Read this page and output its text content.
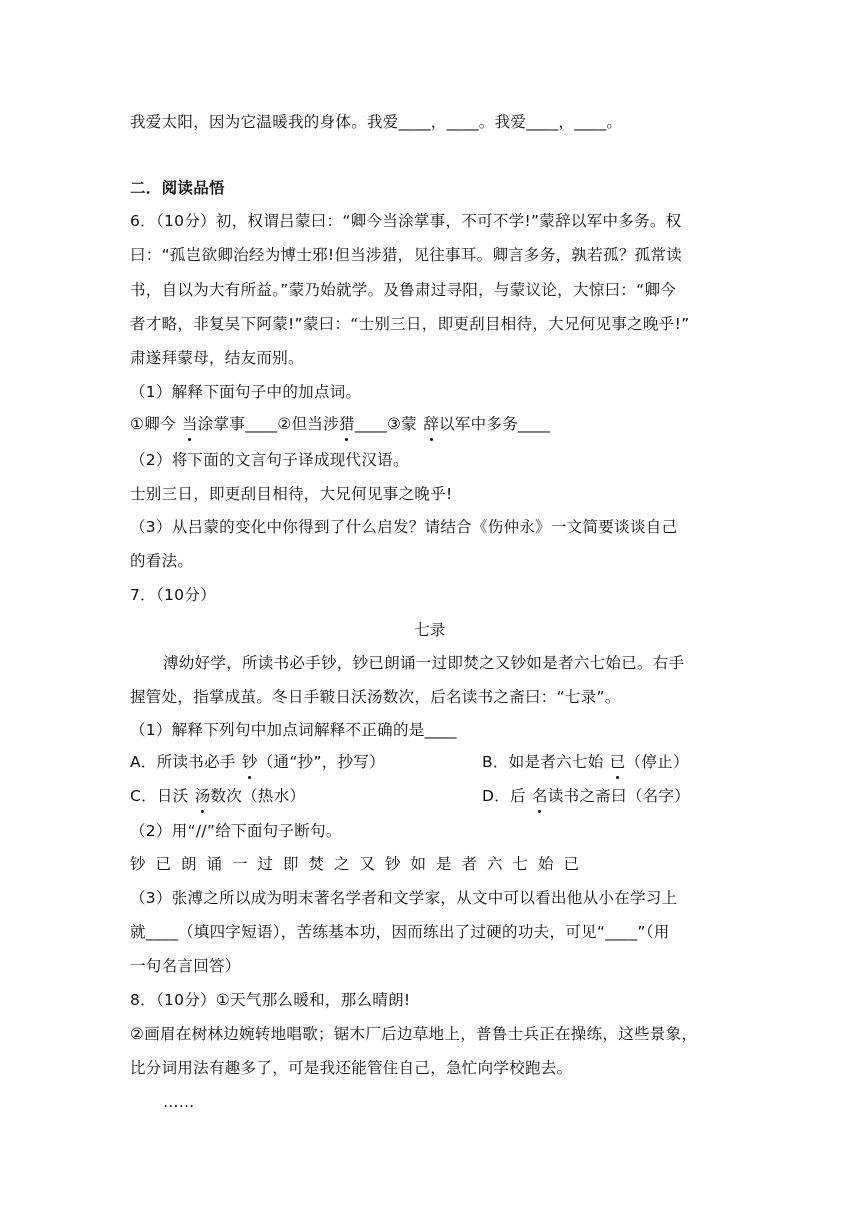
我爱太阳，因为它温暖我的身体。我爱____，____。我爱____，____。
二．阅读品悟
6．（10分）初，权谓吕蒙曰：“卿今当涂掌事，不可不学!”蒙辞以军中多务。权
曰：“孤岂欲卿治经为博士邪!但当涉猎，见往事耳。卿言多务，孰若孤？孤常读
书，自以为大有所益。”蒙乃始就学。及鲁肃过寻阳，与蒙议论，大惊曰：“卿今
者才略，非复吴下阿蒙!”蒙曰：“士别三日，即更刮目相待，大兄何见事之晚乎!”
肃遂拜蒙母，结友而别。
（1）解释下面句子中的加点词。
①卿今 当涂掌事____②但当涉猎____③蒙 辞以军中多务____
（2）将下面的文言句子译成现代汉语。
士别三日，即更刮目相待，大兄何见事之晚乎!
（3）从吕蒙的变化中你得到了什么启发？请结合《伤仲永》一文简要谈谈自己
的看法。
7．（10分）
七录
溥幼好学，所读书必手钞，钞已朗诵一过即焚之又钞如是者六七始已。右手
握管处，指掌成茧。冬日手皲日沃汤数次，后名读书之斋曰：“七录”。
（1）解释下列句中加点词解释不正确的是____
A．所读书必手 钞（通“抄”，抄写）	B．如是者六七始 已（停止）
C．日沃 汤数次（热水）	D．后 名读书之斋曰（名字）
（2）用“∕∕”给下面句子断句。
钞已朗诵一过即焚之又钞如是者六七始已
（3）张溥之所以成为明末著名学者和文学家，从文中可以看出他从小在学习上
就____（填四字短语），苦练基本功，因而练出了过硬的功夫，可见“____”（用
一句名言回答）
8．（10分）①天气那么暖和，那么晴朗!
②画眉在树林边婉转地唱歌；锯木厂后边草地上，普鲁士兵正在操练，这些景象，
比分词用法有趣多了，可是我还能管住自己，急忙向学校跑去。
……
